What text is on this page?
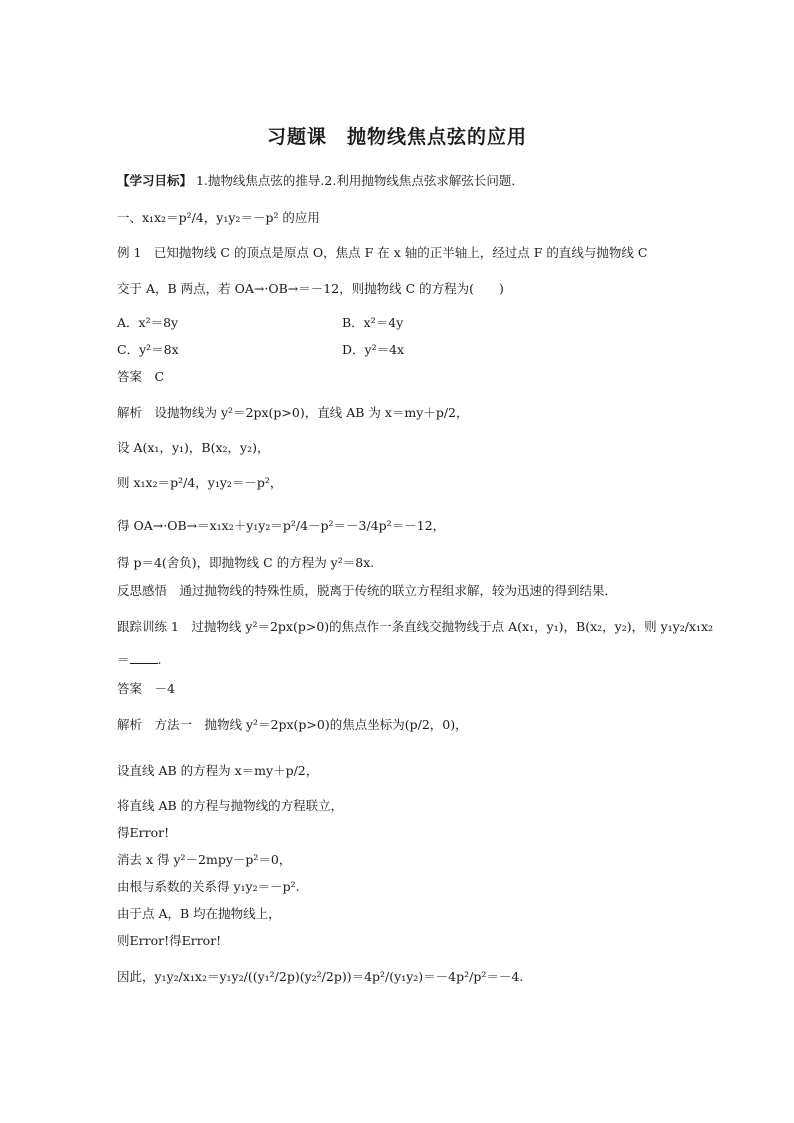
习题课　抛物线焦点弦的应用
【学习目标】 1.抛物线焦点弦的推导.2.利用抛物线焦点弦求解弦长问题．
一、x₁x₂＝p²/4，y₁y₂＝－p² 的应用
例 1　已知抛物线 C 的顶点是原点 O，焦点 F 在 x 轴的正半轴上，经过点 F 的直线与抛物线 C
交于 A，B 两点，若 OA→·OB→＝－12，则抛物线 C 的方程为(　　)
A．x²＝8y	B．x²＝4y
C．y²＝8x	D．y²＝4x
答案　C
解析　设抛物线为 y²＝2px(p>0)，直线 AB 为 x＝my＋p/2，
设 A(x₁，y₁)，B(x₂，y₂)，
则 x₁x₂＝p²/4，y₁y₂＝－p²，
得 OA→·OB→＝x₁x₂＋y₁y₂＝p²/4－p²＝－3/4p²＝－12，
得 p＝4(舍负)，即抛物线 C 的方程为 y²＝8x.
反思感悟　通过抛物线的特殊性质，脱离于传统的联立方程组求解，较为迅速的得到结果．
跟踪训练 1　过抛物线 y²＝2px(p>0)的焦点作一条直线交抛物线于点 A(x₁，y₁)，B(x₂，y₂)，则 y₁y₂/x₁x₂
＝ .
答案　－4
解析　方法一　抛物线 y²＝2px(p>0)的焦点坐标为(p/2，0)，
设直线 AB 的方程为 x＝my＋p/2，
将直线 AB 的方程与抛物线的方程联立，
得Error!
消去 x 得 y²－2mpy－p²＝0，
由根与系数的关系得 y₁y₂＝－p².
由于点 A，B 均在抛物线上，
则Error!得Error!
因此，y₁y₂/x₁x₂＝y₁y₂/((y₁²/2p)(y₂²/2p))＝4p²/(y₁y₂)＝－4p²/p²＝－4.
